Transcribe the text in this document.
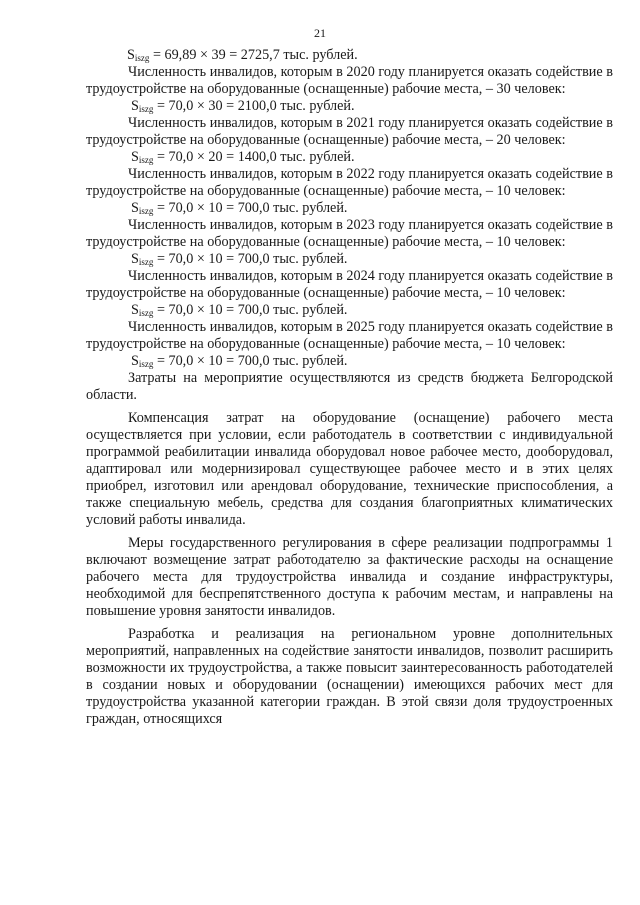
21
$S_{iszg} = 69,89 \times 39 = 2725,7$ тыс. рублей.

Численность инвалидов, которым в 2020 году планируется оказать содействие в трудоустройстве на оборудованные (оснащенные) рабочие места, – 30 человек:

$S_{iszg} = 70,0 \times 30 = 2100,0$ тыс. рублей.

Численность инвалидов, которым в 2021 году планируется оказать содействие в трудоустройстве на оборудованные (оснащенные) рабочие места, – 20 человек:

$S_{iszg} = 70,0 \times 20 = 1400,0$ тыс. рублей.

Численность инвалидов, которым в 2022 году планируется оказать содействие в трудоустройстве на оборудованные (оснащенные) рабочие места, – 10 человек:

$S_{iszg} = 70,0 \times 10 = 700,0$ тыс. рублей.

Численность инвалидов, которым в 2023 году планируется оказать содействие в трудоустройстве на оборудованные (оснащенные) рабочие места, – 10 человек:

$S_{iszg} = 70,0 \times 10 = 700,0$ тыс. рублей.

Численность инвалидов, которым в 2024 году планируется оказать содействие в трудоустройстве на оборудованные (оснащенные) рабочие места, – 10 человек:

$S_{iszg} = 70,0 \times 10 = 700,0$ тыс. рублей.

Численность инвалидов, которым в 2025 году планируется оказать содействие в трудоустройстве на оборудованные (оснащенные) рабочие места, – 10 человек:

$S_{iszg} = 70,0 \times 10 = 700,0$ тыс. рублей.

Затраты на мероприятие осуществляются из средств бюджета Белгородской области.

Компенсация затрат на оборудование (оснащение) рабочего места осуществляется при условии, если работодатель в соответствии с индивидуальной программой реабилитации инвалида оборудовал новое рабочее место, дооборудовал, адаптировал или модернизировал существующее рабочее место и в этих целях приобрел, изготовил или арендовал оборудование, технические приспособления, а также специальную мебель, средства для создания благоприятных климатических условий работы инвалида.

Меры государственного регулирования в сфере реализации подпрограммы 1 включают возмещение затрат работодателю за фактические расходы на оснащение рабочего места для трудоустройства инвалида и создание инфраструктуры, необходимой для беспрепятственного доступа к рабочим местам, и направлены на повышение уровня занятости инвалидов.

Разработка и реализация на региональном уровне дополнительных мероприятий, направленных на содействие занятости инвалидов, позволит расширить возможности их трудоустройства, а также повысит заинтересованность работодателей в создании новых и оборудовании (оснащении) имеющихся рабочих мест для трудоустройства указанной категории граждан. В этой связи доля трудоустроенных граждан, относящихся
